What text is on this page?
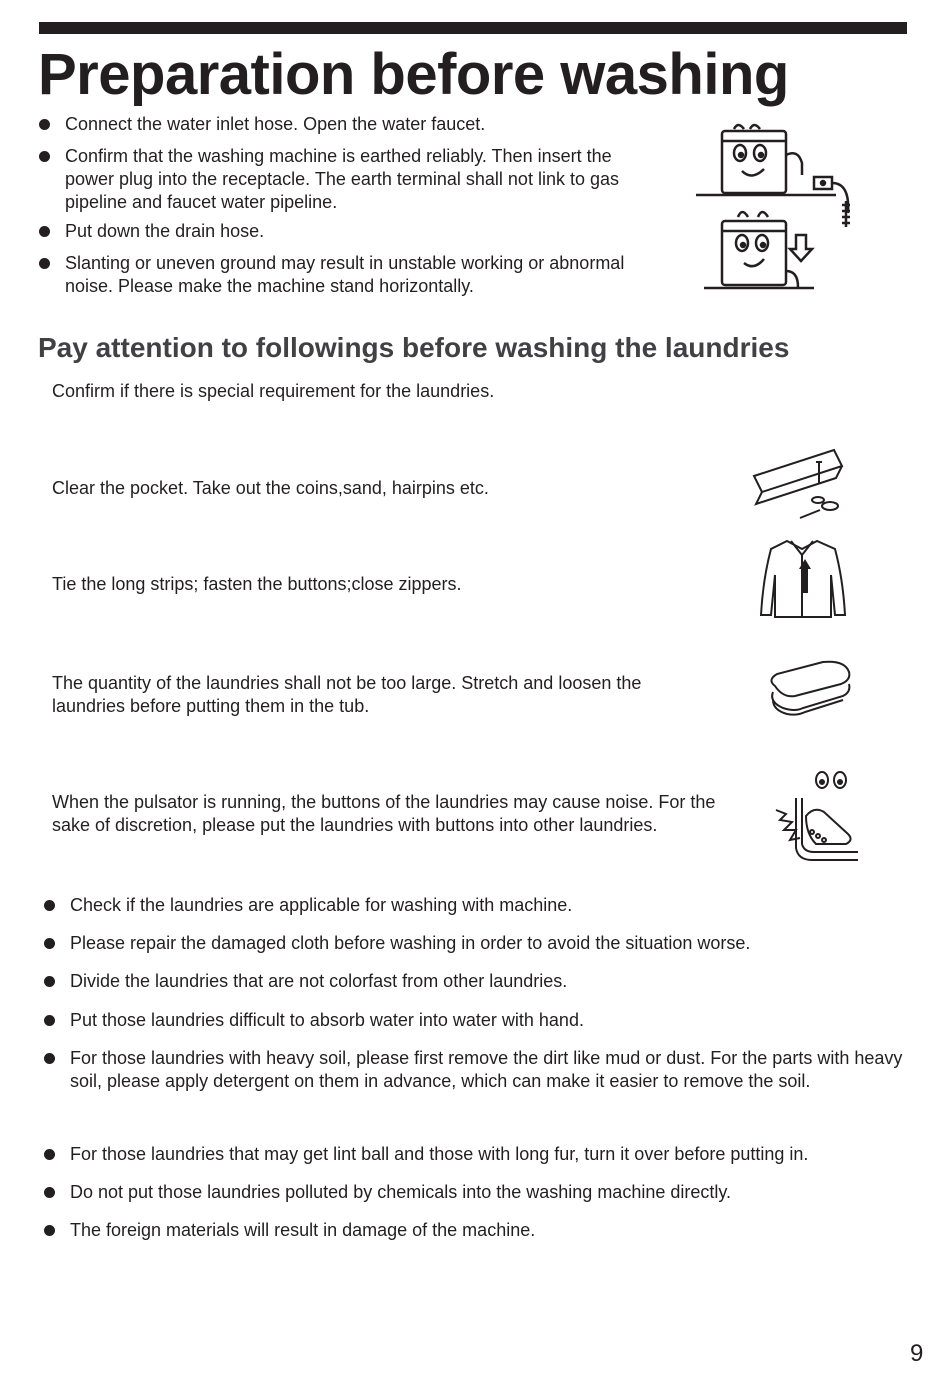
Preparation before washing
Connect the water inlet hose. Open the water faucet.
Confirm that the washing machine is earthed reliably. Then insert the power plug into the receptacle. The earth terminal shall not link to gas pipeline and faucet water pipeline.
Put down the drain hose.
Slanting or uneven ground may result in unstable working or abnormal noise. Please make the machine stand horizontally.
Pay attention to followings before washing the laundries

Confirm if there is special requirement for the laundries.

Clear the pocket. Take out the coins,sand, hairpins etc.

Tie the long strips; fasten the buttons;close zippers.

The quantity of the laundries shall not be too large. Stretch and loosen the laundries before putting them in the tub.

When the pulsator is running, the buttons of the laundries may cause noise. For the sake of discretion, please put the laundries with buttons into other laundries.

Check if the laundries are applicable for washing with machine.
Please repair the damaged cloth before washing in order to avoid the situation worse.
Divide the laundries that are not colorfast from other laundries.
Put those laundries difficult to absorb water into water with hand.
For those laundries with heavy soil, please first remove the dirt like mud or dust. For the parts with heavy soil, please apply detergent on them in advance, which can make it easier to remove the soil.
For those laundries that may get lint ball and those with long fur, turn it over before putting in.
Do not put those laundries polluted by chemicals into the washing machine directly.
The foreign materials will result in damage of the machine.
9
